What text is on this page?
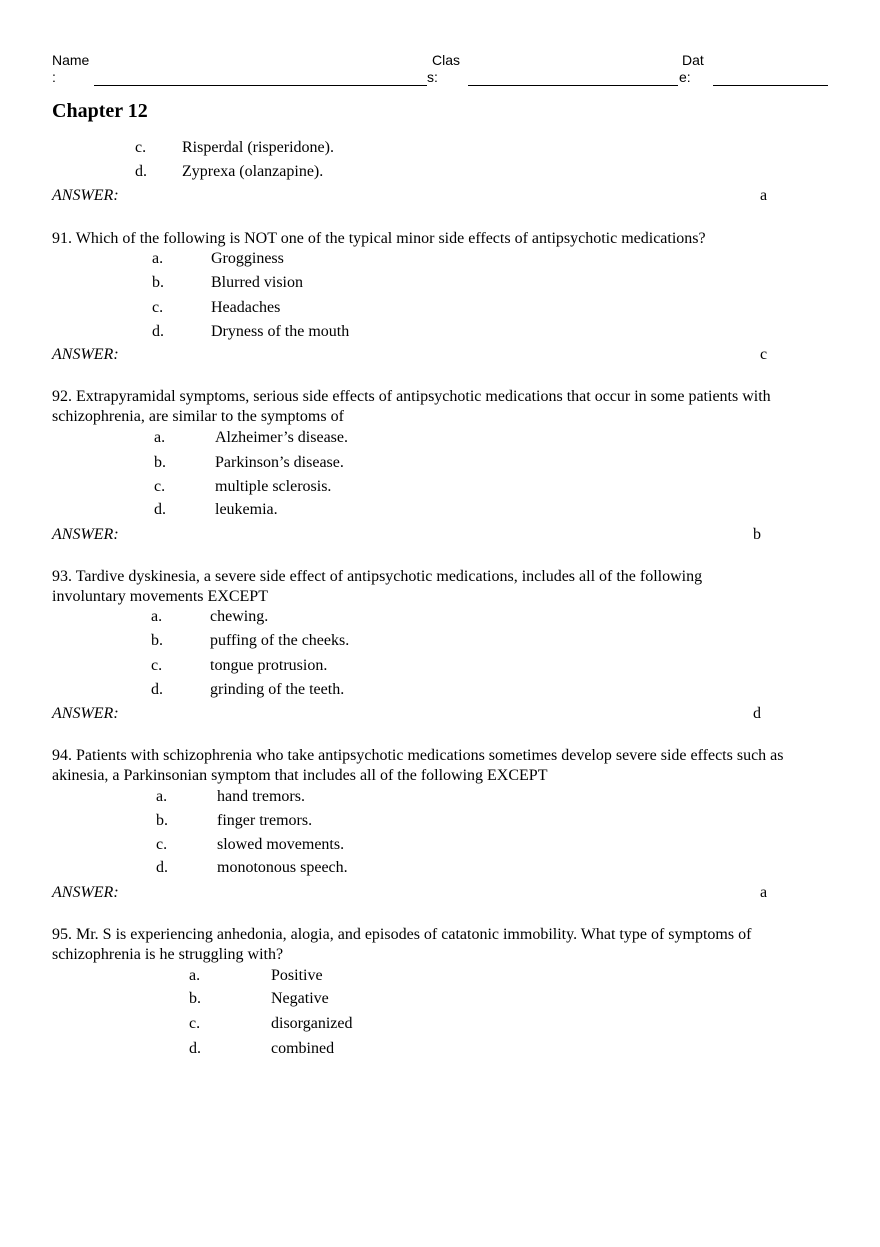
Name
:
Clas
s:
Dat
e:
Chapter 12
c. Risperdal (risperidone).
d. Zyprexa (olanzapine).
ANSWER:	a
91. Which of the following is NOT one of the typical minor side effects of antipsychotic medications?
a.	Grogginess
b.	Blurred vision
c.	Headaches
d.	Dryness of the mouth
ANSWER:	c
92. Extrapyramidal symptoms, serious side effects of antipsychotic medications that occur in some patients with schizophrenia, are similar to the symptoms of
a.	Alzheimer’s disease.
b.	Parkinson’s disease.
c.	multiple sclerosis.
d.	leukemia.
ANSWER:	b
93. Tardive dyskinesia, a severe side effect of antipsychotic medications, includes all of the following involuntary movements EXCEPT
a.	chewing.
b.	puffing of the cheeks.
c.	tongue protrusion.
d.	grinding of the teeth.
ANSWER:	d
94. Patients with schizophrenia who take antipsychotic medications sometimes develop severe side effects such as akinesia, a Parkinsonian symptom that includes all of the following EXCEPT
a.	hand tremors.
b.	finger tremors.
c.	slowed movements.
d.	monotonous speech.
ANSWER:	a
95. Mr. S is experiencing anhedonia, alogia, and episodes of catatonic immobility. What type of symptoms of schizophrenia is he struggling with?
a.	Positive
b.	Negative
c.	disorganized
d.	combined
